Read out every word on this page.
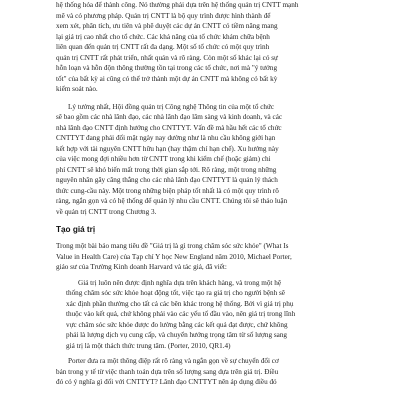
hệ thống hóa để thành công. Nó thường phải dựa trên hệ thống quản trị CNTT mạnh
mẽ và có phương pháp. Quản trị CNTT là bộ quy trình được hình thành để
xem xét, phân tích, ưu tiên và phê duyệt các dự án CNTT có tiềm năng mang
lại giá trị cao nhất cho tổ chức. Các khả năng của tổ chức khám chữa bệnh
liên quan đến quản trị CNTT rất đa dạng. Một số tổ chức có một quy trình
quản trị CNTT rất phát triển, nhất quán và rõ ràng. Còn một số khác lại có sự
hỗn loạn và hỗn độn thông thường tồn tại trong các tổ chức, nơi mà "ý tưởng
tốt" của bất kỳ ai cũng có thể trở thành một dự án CNTT mà không có bất kỳ
kiểm soát nào.
Lý tưởng nhất, Hội đồng quản trị Công nghệ Thông tin của một tổ chức
sẽ bao gồm các nhà lãnh đạo, các nhà lãnh đạo lâm sàng và kinh doanh, và các
nhà lãnh đạo CNTT định hướng cho CNTTYT. Vấn đề mà hầu hết các tổ chức
CNTTYT đang phải đối mặt ngày nay dường như là nhu cầu không giới hạn
kết hợp với tài nguyên CNTT hữu hạn (hay thậm chí hạn chế). Xu hướng này
của việc mong đợi nhiều hơn từ CNTT trong khi kiểm chế (hoặc giảm) chi
phí CNTT sẽ khó biến mất trong thời gian sắp tới. Rõ ràng, một trong những
nguyên nhân gây căng thẳng cho các nhà lãnh đạo CNTTYT là quản lý thách
thức cung-cầu này. Một trong những biện pháp tốt nhất là có một quy trình rõ
ràng, ngắn gọn và có hệ thống để quản lý nhu cầu CNTT. Chúng tôi sẽ thảo luận
về quản trị CNTT trong Chương 3.
Tạo giá trị
Trong một bài báo mang tiêu đề "Giá trị là gì trong chăm sóc sức khỏe" (What Is
Value in Health Care) của Tạp chí Y học New England năm 2010, Michael Porter,
giáo sư của Trường Kinh doanh Harvard và tác giả, đã viết:
Giá trị luôn nên được định nghĩa dựa trên khách hàng, và trong một hệ
thống chăm sóc sức khỏe hoạt động tốt, việc tạo ra giá trị cho người bệnh sẽ
xác định phần thưởng cho tất cả các bên khác trong hệ thống. Bởi vì giá trị phụ
thuộc vào kết quả, chứ không phải vào các yếu tố đầu vào, nên giá trị trong lĩnh
vực chăm sóc sức khỏe được đo lường bằng các kết quả đạt được, chứ không
phải là lượng dịch vụ cung cấp, và chuyển hướng trọng tâm từ số lượng sang
giá trị là một thách thức trung tâm. (Porter, 2010, QR1.4)
Porter đưa ra một thông điệp rất rõ ràng và ngắn gọn về sự chuyển đổi cơ
bản trong y tế từ việc thanh toán dựa trên số lượng sang dựa trên giá trị. Điều
đó có ý nghĩa gì đối với CNTTYT? Lãnh đạo CNTTYT nên áp dụng điều đó
